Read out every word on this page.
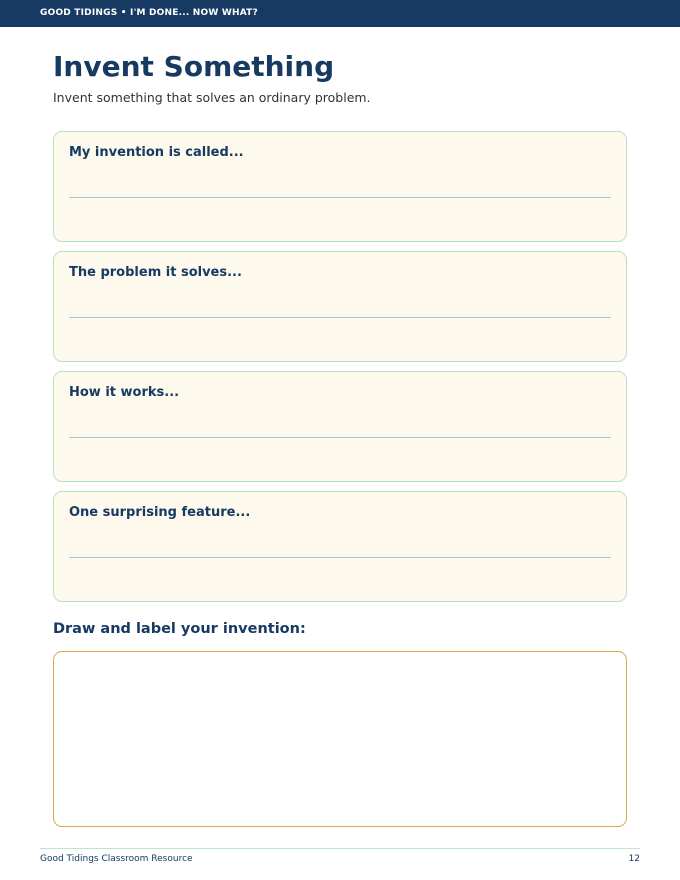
GOOD TIDINGS • I'M DONE... NOW WHAT?
Invent Something

Invent something that solves an ordinary problem.

My invention is called...
The problem it solves...
How it works...
One surprising feature...
Draw and label your invention:
Good Tidings Classroom Resource	12
